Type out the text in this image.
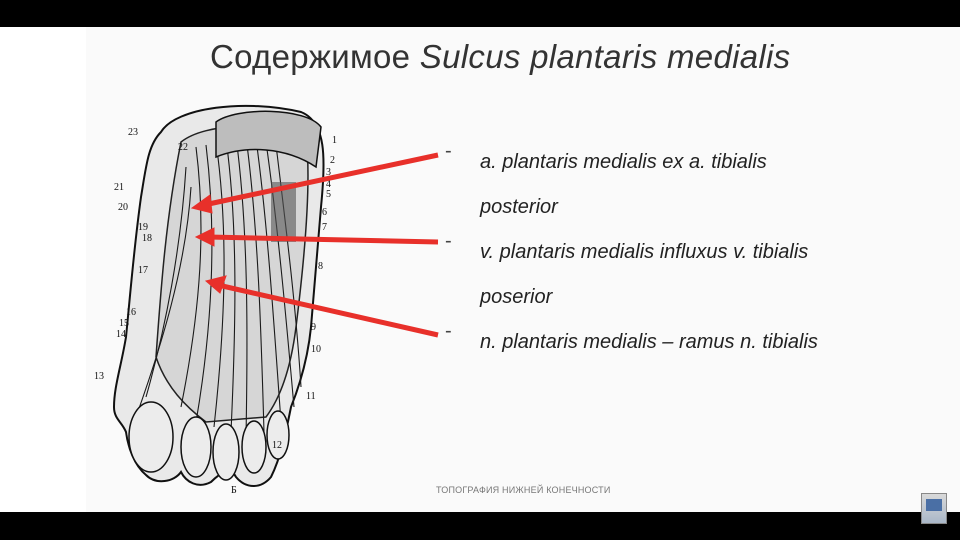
23
22
1
2
3
4
5
21
20	6
7
19
18
8
17
16
15
14
9
10
13
11
12
Б
Содержимое Sulcus plantaris medialis
-	a. plantaris medialis ex a. tibialis
posterior
-	v. plantaris medialis influxus v. tibialis
poserior
-	n. plantaris medialis – ramus n. tibialis
ТОПОГРАФИЯ НИЖНЕЙ КОНЕЧНОСТИ
